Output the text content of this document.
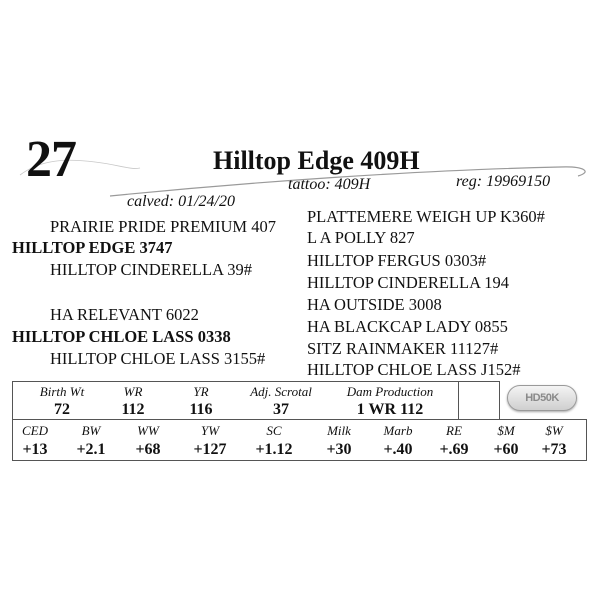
27	Hilltop Edge 409H
calved: 01/24/20
tattoo: 409H	reg: 19969150
PRAIRIE PRIDE PREMIUM 407
HILLTOP EDGE 3747
HILLTOP CINDERELLA 39#
HA RELEVANT 6022
HILLTOP CHLOE LASS 0338
HILLTOP CHLOE LASS 3155#
PLATTEMERE WEIGH UP K360#
L A POLLY 827
HILLTOP FERGUS 0303#
HILLTOP CINDERELLA 194
HA OUTSIDE 3008
HA BLACKCAP LADY 0855
SITZ RAINMAKER 11127#
HILLTOP CHLOE LASS J152#
Birth Wt	WR	YR	Adj. Scrotal	Dam Production
72	112	116	37	1 WR 112
HD50K
CED	BW	WW	YW	SC	Milk	Marb	RE	$M $W
+13 +2.1 +68 +127 +1.12 +30 +.40 +.69 +60 +73
